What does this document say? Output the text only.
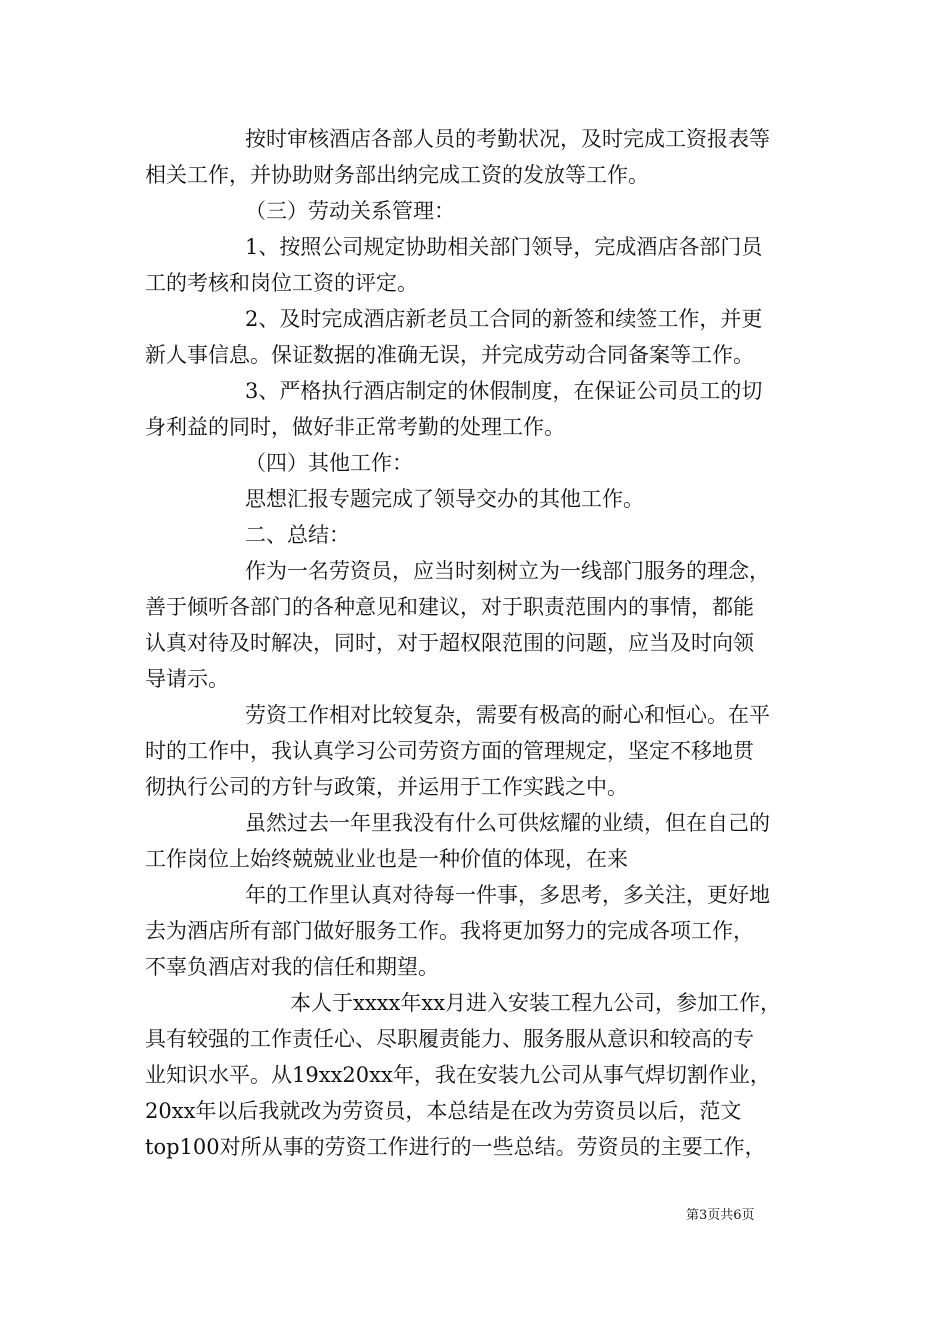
按时审核酒店各部人员的考勤状况，及时完成工资报表等
相关工作，并协助财务部出纳完成工资的发放等工作。
（三）劳动关系管理：
1、按照公司规定协助相关部门领导，完成酒店各部门员
工的考核和岗位工资的评定。
2、及时完成酒店新老员工合同的新签和续签工作，并更
新人事信息。保证数据的准确无误，并完成劳动合同备案等工作。
3、严格执行酒店制定的休假制度，在保证公司员工的切
身利益的同时，做好非正常考勤的处理工作。
（四）其他工作：
思想汇报专题完成了领导交办的其他工作。
二、总结：
作为一名劳资员，应当时刻树立为一线部门服务的理念，
善于倾听各部门的各种意见和建议，对于职责范围内的事情，都能
认真对待及时解决，同时，对于超权限范围的问题，应当及时向领
导请示。
劳资工作相对比较复杂，需要有极高的耐心和恒心。在平
时的工作中，我认真学习公司劳资方面的管理规定，坚定不移地贯
彻执行公司的方针与政策，并运用于工作实践之中。
虽然过去一年里我没有什么可供炫耀的业绩，但在自己的
工作岗位上始终兢兢业业也是一种价值的体现，在来
年的工作里认真对待每一件事，多思考，多关注，更好地
去为酒店所有部门做好服务工作。我将更加努力的完成各项工作，
不辜负酒店对我的信任和期望。
本人于xxxx年xx月进入安装工程九公司，参加工作，
具有较强的工作责任心、尽职履责能力、服务服从意识和较高的专
业知识水平。从19xx20xx年，我在安装九公司从事气焊切割作业，
20xx年以后我就改为劳资员，本总结是在改为劳资员以后，范文
top100对所从事的劳资工作进行的一些总结。劳资员的主要工作，
第3页共6页
